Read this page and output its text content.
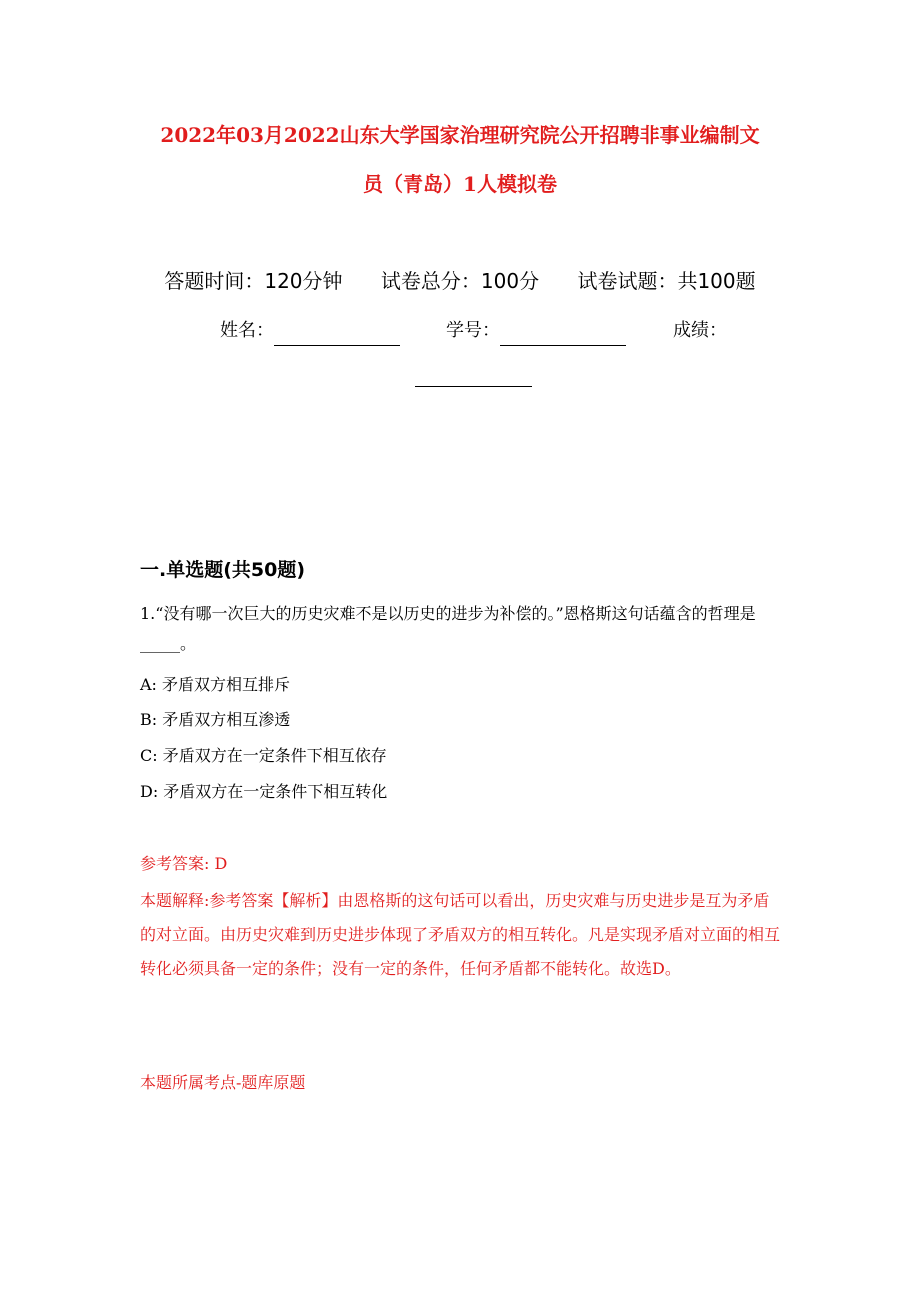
2022年03月2022山东大学国家治理研究院公开招聘非事业编制文
员（青岛）1人模拟卷
答题时间：120分钟 试卷总分：100分 试卷试题：共100题
姓名：	学号：	成绩：
一.单选题(共50题)
1.“没有哪一次巨大的历史灾难不是以历史的进步为补偿的。”恩格斯这句话蕴含的哲理是_____。
A: 矛盾双方相互排斥
B: 矛盾双方相互渗透
C: 矛盾双方在一定条件下相互依存
D: 矛盾双方在一定条件下相互转化
参考答案: D
本题解释:参考答案【解析】由恩格斯的这句话可以看出，历史灾难与历史进步是互为矛盾的对立面。由历史灾难到历史进步体现了矛盾双方的相互转化。凡是实现矛盾对立面的相互转化必须具备一定的条件；没有一定的条件，任何矛盾都不能转化。故选D。
本题所属考点-题库原题
